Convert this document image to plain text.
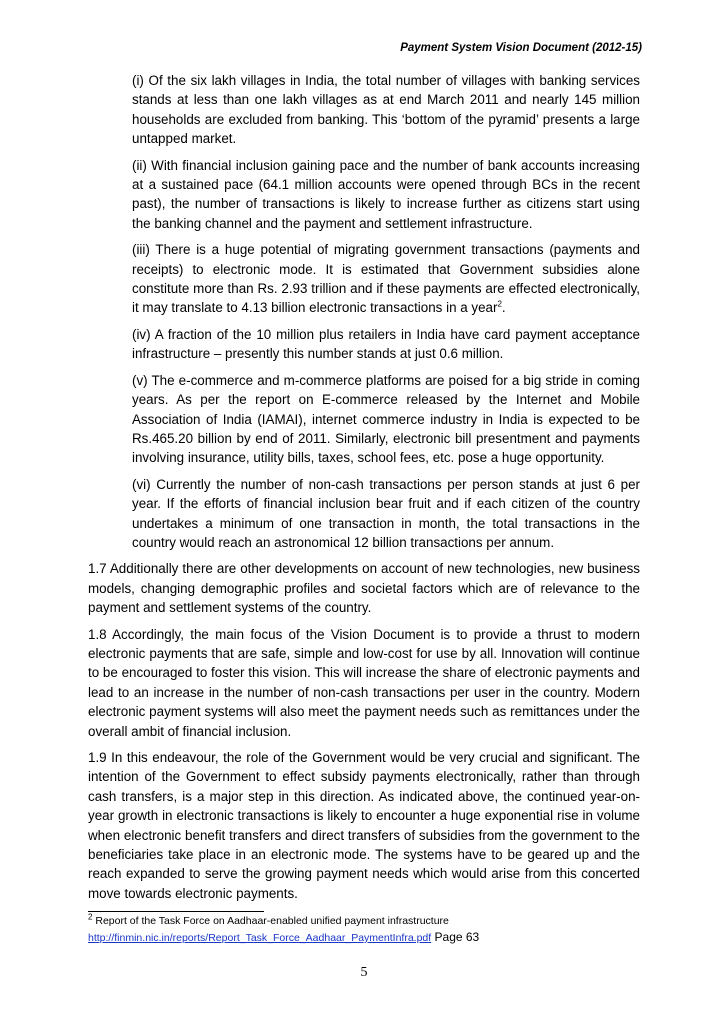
Payment System Vision Document (2012-15)

(i) Of the six lakh villages in India, the total number of villages with banking services stands at less than one lakh villages as at end March 2011 and nearly 145 million households are excluded from banking. This ‘bottom of the pyramid’ presents a large untapped market.

(ii) With financial inclusion gaining pace and the number of bank accounts increasing at a sustained pace (64.1 million accounts were opened through BCs in the recent past), the number of transactions is likely to increase further as citizens start using the banking channel and the payment and settlement infrastructure.

(iii) There is a huge potential of migrating government transactions (payments and receipts) to electronic mode. It is estimated that Government subsidies alone constitute more than Rs. 2.93 trillion and if these payments are effected electronically, it may translate to 4.13 billion electronic transactions in a year$^2$.

(iv) A fraction of the 10 million plus retailers in India have card payment acceptance infrastructure – presently this number stands at just 0.6 million.

(v) The e-commerce and m-commerce platforms are poised for a big stride in coming years. As per the report on E-commerce released by the Internet and Mobile Association of India (IAMAI), internet commerce industry in India is expected to be Rs.465.20 billion by end of 2011. Similarly, electronic bill presentment and payments involving insurance, utility bills, taxes, school fees, etc. pose a huge opportunity.

(vi) Currently the number of non-cash transactions per person stands at just 6 per year. If the efforts of financial inclusion bear fruit and if each citizen of the country undertakes a minimum of one transaction in month, the total transactions in the country would reach an astronomical 12 billion transactions per annum.

1.7 Additionally there are other developments on account of new technologies, new business models, changing demographic profiles and societal factors which are of relevance to the payment and settlement systems of the country.

1.8 Accordingly, the main focus of the Vision Document is to provide a thrust to modern electronic payments that are safe, simple and low-cost for use by all. Innovation will continue to be encouraged to foster this vision. This will increase the share of electronic payments and lead to an increase in the number of non-cash transactions per user in the country. Modern electronic payment systems will also meet the payment needs such as remittances under the overall ambit of financial inclusion.

1.9 In this endeavour, the role of the Government would be very crucial and significant. The intention of the Government to effect subsidy payments electronically, rather than through cash transfers, is a major step in this direction. As indicated above, the continued year-on-year growth in electronic transactions is likely to encounter a huge exponential rise in volume when electronic benefit transfers and direct transfers of subsidies from the government to the beneficiaries take place in an electronic mode. The systems have to be geared up and the reach expanded to serve the growing payment needs which would arise from this concerted move towards electronic payments.

$^2$ Report of the Task Force on Aadhaar-enabled unified payment infrastructure
http://finmin.nic.in/reports/Report_Task_Force_Aadhaar_PaymentInfra.pdf Page 63
5
